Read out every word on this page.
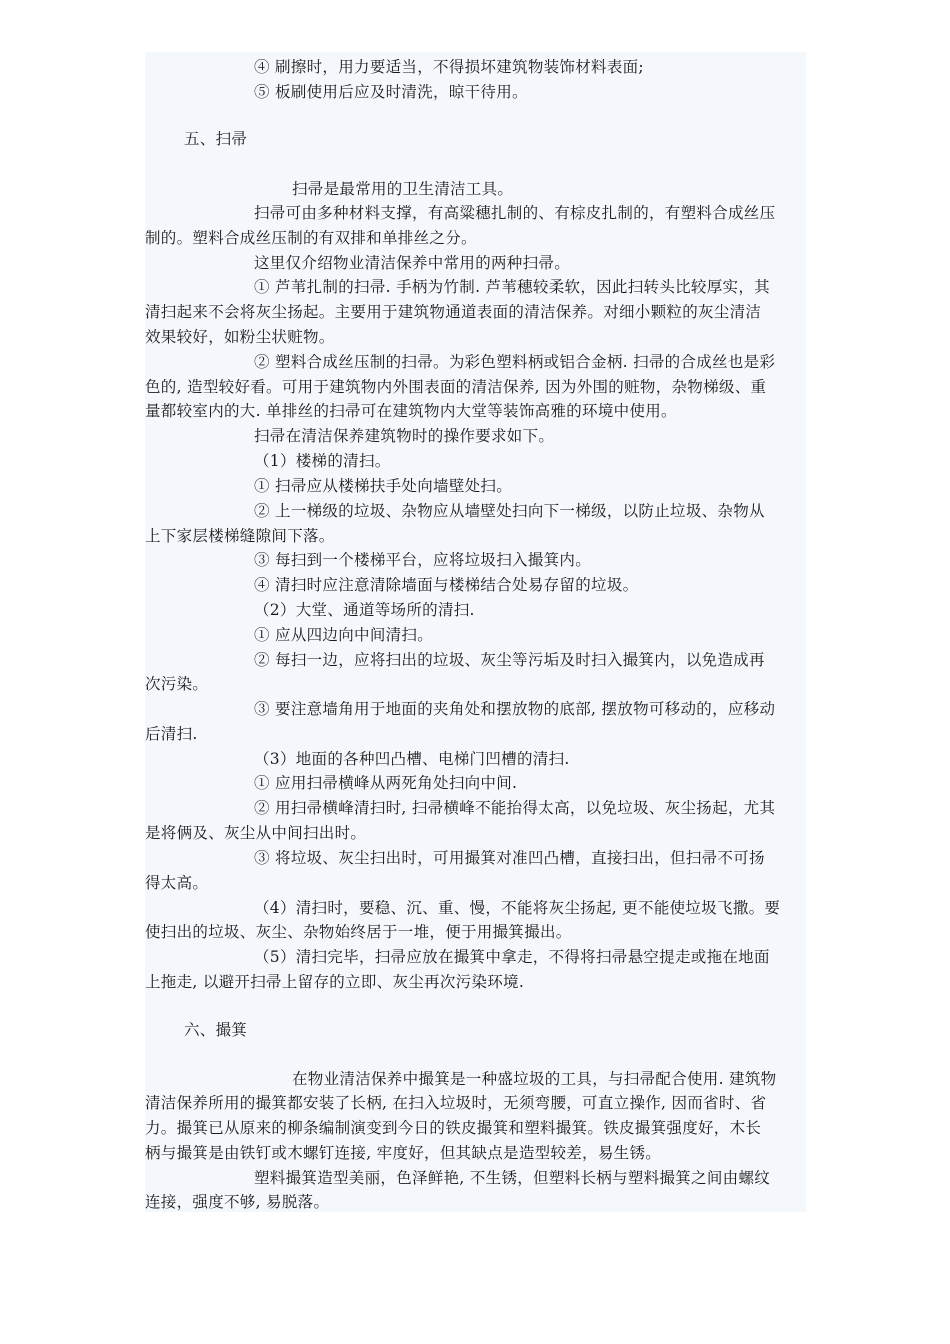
④ 刷擦时，用力要适当，不得损坏建筑物装饰材料表面;
⑤ 板刷使用后应及时清洗，晾干待用。
五、扫帚
扫帚是最常用的卫生清洁工具。
扫帚可由多种材料支撑，有高粱穗扎制的、有棕皮扎制的，有塑料合成丝压
制的。塑料合成丝压制的有双排和单排丝之分。
这里仅介绍物业清洁保养中常用的两种扫帚。
① 芦苇扎制的扫帚. 手柄为竹制. 芦苇穗较柔软，因此扫转头比较厚实，其
清扫起来不会将灰尘扬起。主要用于建筑物通道表面的清洁保养。对细小颗粒的灰尘清洁
效果较好，如粉尘状赃物。
② 塑料合成丝压制的扫帚。为彩色塑料柄或铝合金柄. 扫帚的合成丝也是彩
色的, 造型较好看。可用于建筑物内外围表面的清洁保养, 因为外围的赃物，杂物梯级、重
量都较室内的大. 单排丝的扫帚可在建筑物内大堂等装饰高雅的环境中使用。
扫帚在清洁保养建筑物时的操作要求如下。
（1）楼梯的清扫。
① 扫帚应从楼梯扶手处向墙壁处扫。
② 上一梯级的垃圾、杂物应从墙壁处扫向下一梯级，以防止垃圾、杂物从
上下家层楼梯缝隙间下落。
③ 每扫到一个楼梯平台，应将垃圾扫入撮箕内。
④ 清扫时应注意清除墙面与楼梯结合处易存留的垃圾。
（2）大堂、通道等场所的清扫.
① 应从四边向中间清扫。
② 每扫一边，应将扫出的垃圾、灰尘等污垢及时扫入撮箕内，以免造成再
次污染。
③ 要注意墙角用于地面的夹角处和摆放物的底部, 摆放物可移动的，应移动
后清扫.
（3）地面的各种凹凸槽、电梯门凹槽的清扫.
① 应用扫帚横峰从两死角处扫向中间.
② 用扫帚横峰清扫时, 扫帚横峰不能抬得太高，以免垃圾、灰尘扬起，尤其
是将俩及、灰尘从中间扫出时。
③ 将垃圾、灰尘扫出时，可用撮箕对准凹凸槽，直接扫出，但扫帚不可扬
得太高。
（4）清扫时，要稳、沉、重、慢，不能将灰尘扬起, 更不能使垃圾飞撒。要
使扫出的垃圾、灰尘、杂物始终居于一堆，便于用撮箕撮出。
（5）清扫完毕，扫帚应放在撮箕中拿走，不得将扫帚悬空提走或拖在地面
上拖走, 以避开扫帚上留存的立即、灰尘再次污染环境.
六、撮箕
在物业清洁保养中撮箕是一种盛垃圾的工具，与扫帚配合使用. 建筑物
清洁保养所用的撮箕都安装了长柄, 在扫入垃圾时，无须弯腰，可直立操作, 因而省时、省
力。撮箕已从原来的柳条编制演变到今日的铁皮撮箕和塑料撮箕。铁皮撮箕强度好，木长
柄与撮箕是由铁钉或木螺钉连接, 牢度好，但其缺点是造型较差，易生锈。
塑料撮箕造型美丽，色泽鲜艳, 不生锈，但塑料长柄与塑料撮箕之间由螺纹
连接，强度不够, 易脱落。
